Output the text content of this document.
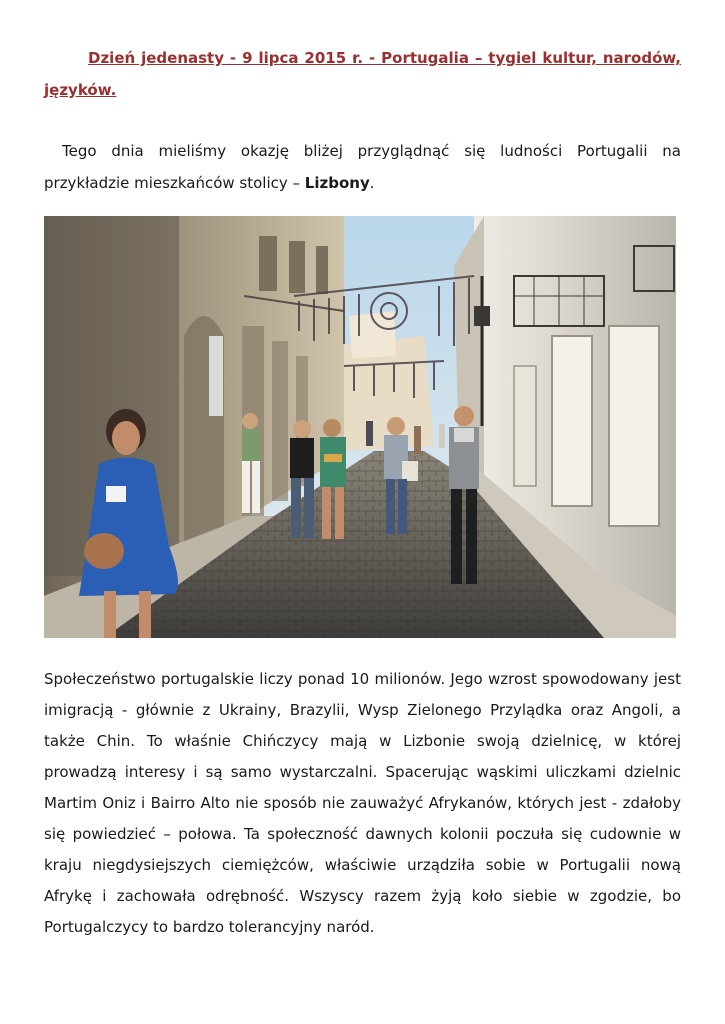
Dzień jedenasty - 9 lipca 2015 r. - Portugalia – tygiel kultur, narodów, języków.

Tego dnia mieliśmy okazję bliżej przyglądnąć się ludności Portugalii na przykładzie mieszkańców stolicy – Lizbony.

Społeczeństwo portugalskie liczy ponad 10 milionów. Jego wzrost spowodowany jest imigracją - głównie z Ukrainy, Brazylii, Wysp Zielonego Przylądka oraz Angoli, a także Chin. To właśnie Chińczycy mają w Lizbonie swoją dzielnicę, w której prowadzą interesy i są samo wystarczalni. Spacerując wąskimi uliczkami dzielnic Martim Oniz i Bairro Alto nie sposób nie zauważyć Afrykanów, których jest - zdałoby się powiedzieć – połowa. Ta społeczność dawnych kolonii poczuła się cudownie w kraju niegdysiejszych ciemiężców, właściwie urządziła sobie w Portugalii nową Afrykę i zachowała odrębność. Wszyscy razem żyją koło siebie w zgodzie, bo Portugalczycy to bardzo tolerancyjny naród.
